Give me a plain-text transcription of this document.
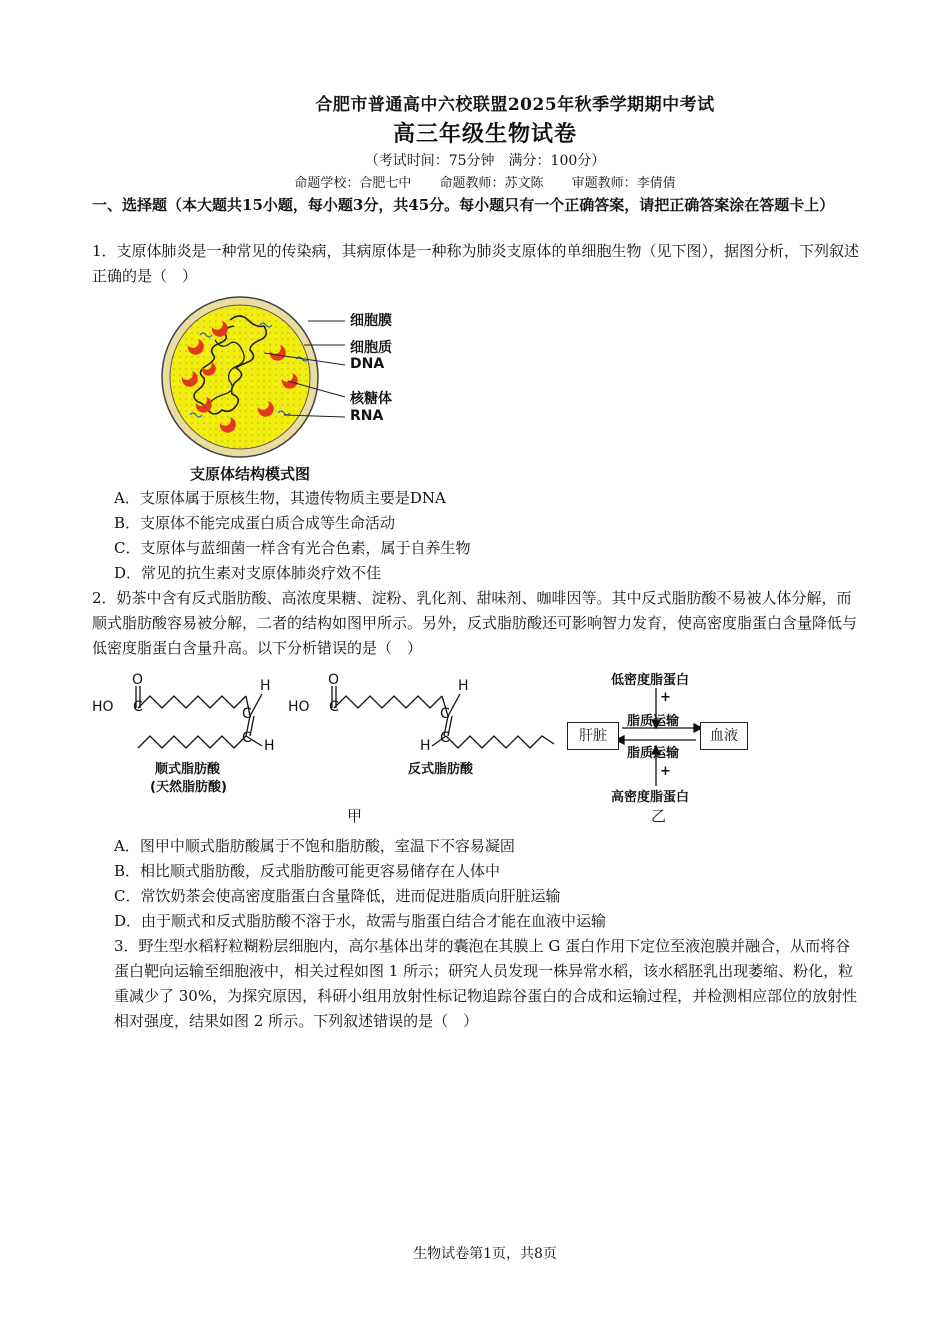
合肥市普通高中六校联盟2025年秋季学期期中考试
高三年级生物试卷
（考试时间：75分钟　满分：100分）
命题学校：合肥七中 命题教师：苏文陈 审题教师：李倩倩
一、选择题（本大题共15小题，每小题3分，共45分。每小题只有一个正确答案，请把正确答案涂在答题卡上）
1．支原体肺炎是一种常见的传染病，其病原体是一种称为肺炎支原体的单细胞生物（见下图），据图分析，下列叙述正确的是（　）
细胞膜
细胞质
DNA
核糖体
RNA
支原体结构模式图
A．支原体属于原核生物，其遗传物质主要是DNA
B．支原体不能完成蛋白质合成等生命活动
C．支原体与蓝细菌一样含有光合色素，属于自养生物
D．常见的抗生素对支原体肺炎疗效不佳
2．奶茶中含有反式脂肪酸、高浓度果糖、淀粉、乳化剂、甜味剂、咖啡因等。其中反式脂肪酸不易被人体分解，而顺式脂肪酸容易被分解，二者的结构如图甲所示。另外，反式脂肪酸还可影响智力发育，使高密度脂蛋白含量降低与低密度脂蛋白含量升高。以下分析错误的是（　）
HO C
O	H
C
C H
顺式脂肪酸
(天然脂肪酸)
HO C
O	H
C
C
H
反式脂肪酸
甲
低密度脂蛋白
+
脂质运输
肝脏	血液
脂质运输
+
高密度脂蛋白
乙
A．图甲中顺式脂肪酸属于不饱和脂肪酸，室温下不容易凝固
B．相比顺式脂肪酸，反式脂肪酸可能更容易储存在人体中
C．常饮奶茶会使高密度脂蛋白含量降低，进而促进脂质向肝脏运输
D．由于顺式和反式脂肪酸不溶于水，故需与脂蛋白结合才能在血液中运输
3．野生型水稻籽粒糊粉层细胞内，高尔基体出芽的囊泡在其膜上 G 蛋白作用下定位至液泡膜并融合，从而将谷蛋白靶向运输至细胞液中，相关过程如图 1 所示；研究人员发现一株异常水稻，该水稻胚乳出现萎缩、粉化，粒重减少了 30%，为探究原因，科研小组用放射性标记物追踪谷蛋白的合成和运输过程，并检测相应部位的放射性相对强度，结果如图 2 所示。下列叙述错误的是（　）
生物试卷第1页，共8页
